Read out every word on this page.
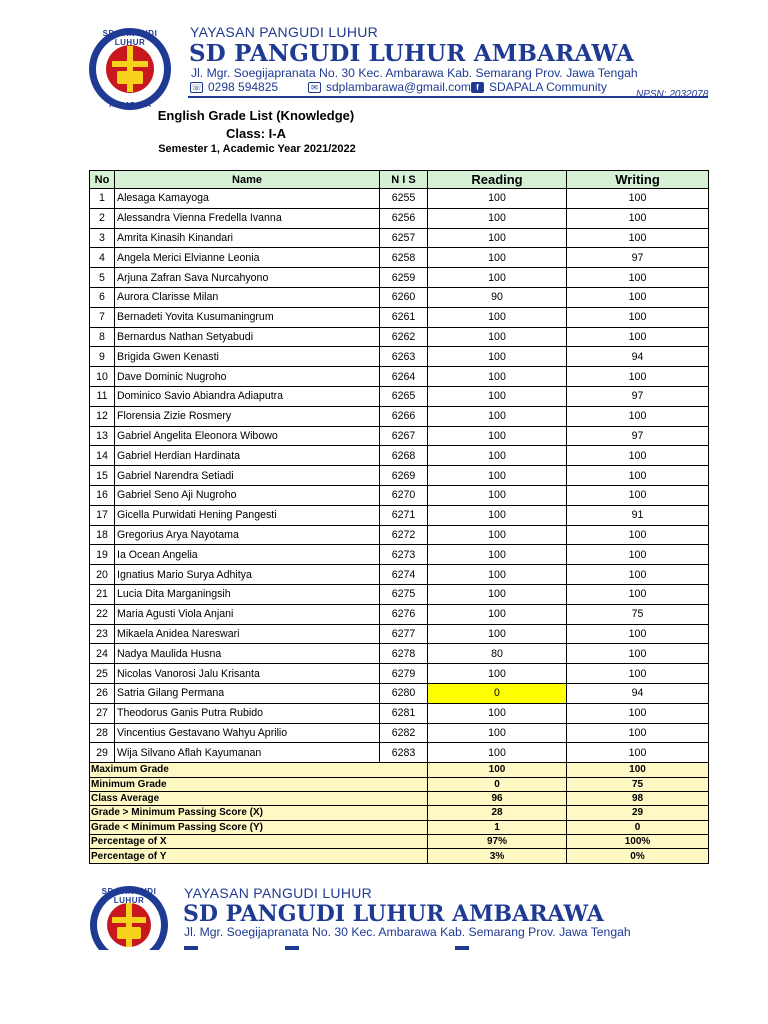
SD PANGUDI LUHUR
AMBARAWA
YAYASAN PANGUDI LUHUR
SD PANGUDI LUHUR AMBARAWA
Jl. Mgr. Soegijapranata No. 30 Kec. Ambarawa Kab. Semarang Prov. Jawa Tengah
☏ 0298 594825	✉ sdplambarawa@gmail.com f SDAPALA Community
NPSN: 2032078
English Grade List (Knowledge)
Class: I-A
Semester 1, Academic Year 2021/2022
No	Name	N I S	Reading	Writing
1	Alesaga Kamayoga	6255	100	100
2	Alessandra Vienna Fredella Ivanna	6256	100	100
3	Amrita Kinasih Kinandari	6257	100	100
4	Angela Merici Elvianne Leonia	6258	100	97
5	Arjuna Zafran Sava Nurcahyono	6259	100	100
6	Aurora Clarisse Milan	6260	90	100
7	Bernadeti Yovita Kusumaningrum	6261	100	100
8	Bernardus Nathan Setyabudi	6262	100	100
9	Brigida Gwen Kenasti	6263	100	94
10	Dave Dominic Nugroho	6264	100	100
11	Dominico Savio Abiandra Adiaputra	6265	100	97
12	Florensia Zizie Rosmery	6266	100	100
13	Gabriel Angelita Eleonora Wibowo	6267	100	97
14	Gabriel Herdian Hardinata	6268	100	100
15	Gabriel Narendra Setiadi	6269	100	100
16	Gabriel Seno Aji Nugroho	6270	100	100
17	Gicella Purwidati Hening Pangesti	6271	100	91
18	Gregorius Arya Nayotama	6272	100	100
19	Ia Ocean Angelia	6273	100	100
20	Ignatius Mario Surya Adhitya	6274	100	100
21	Lucia Dita Marganingsih	6275	100	100
22	Maria Agusti Viola Anjani	6276	100	75
23	Mikaela Anidea Nareswari	6277	100	100
24	Nadya Maulida Husna	6278	80	100
25	Nicolas Vanorosi Jalu Krisanta	6279	100	100
26	Satria Gilang Permana	6280	0	94
27	Theodorus Ganis Putra Rubido	6281	100	100
28	Vincentius Gestavano Wahyu Aprilio	6282	100	100
29	Wija Silvano Aflah Kayumanan	6283	100	100
Maximum Grade			100	100
Minimum Grade			0	75
Class Average			96	98
Grade > Minimum Passing Score (X)			28	29
Grade < Minimum Passing Score (Y)			1	0
Percentage of X			97%	100%
Percentage of Y			3%	0%
SD PANGUDI LUHUR	YAYASAN PANGUDI LUHUR
SD PANGUDI LUHUR AMBARAWA
Jl. Mgr. Soegijapranata No. 30 Kec. Ambarawa Kab. Semarang Prov. Jawa Tengah
